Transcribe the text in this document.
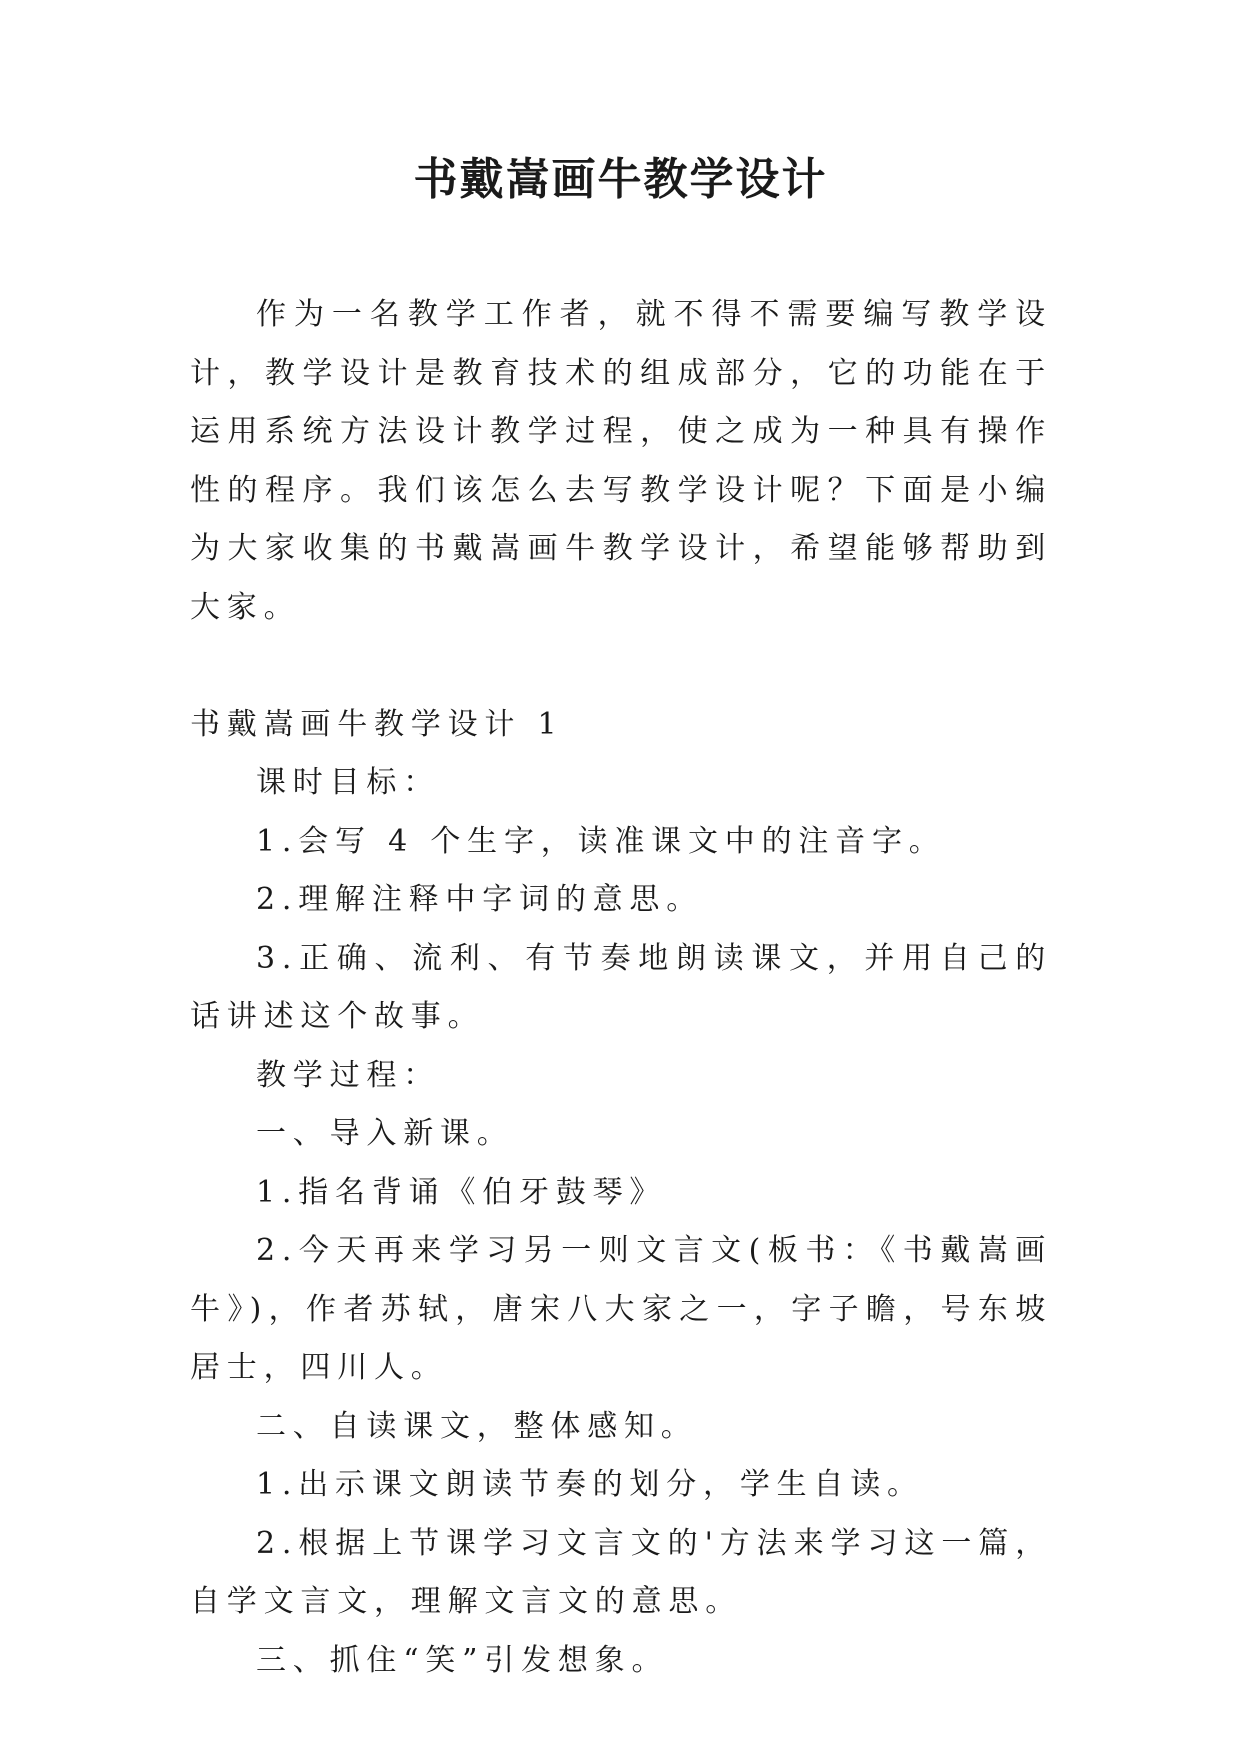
书戴嵩画牛教学设计

作为一名教学工作者，就不得不需要编写教学设计，教学设计是教育技术的组成部分，它的功能在于运用系统方法设计教学过程，使之成为一种具有操作性的程序。我们该怎么去写教学设计呢？下面是小编为大家收集的书戴嵩画牛教学设计，希望能够帮助到大家。

书戴嵩画牛教学设计 1

课时目标：

1.会写 4 个生字，读准课文中的注音字。

2.理解注释中字词的意思。

3.正确、流利、有节奏地朗读课文，并用自己的话讲述这个故事。

教学过程：

一、导入新课。

1.指名背诵《伯牙鼓琴》

2.今天再来学习另一则文言文(板书：《书戴嵩画牛》)，作者苏轼，唐宋八大家之一，字子瞻，号东坡居士，四川人。

二、自读课文，整体感知。

1.出示课文朗读节奏的划分，学生自读。

2.根据上节课学习文言文的'方法来学习这一篇，自学文言文，理解文言文的意思。

三、抓住“笑”引发想象。
